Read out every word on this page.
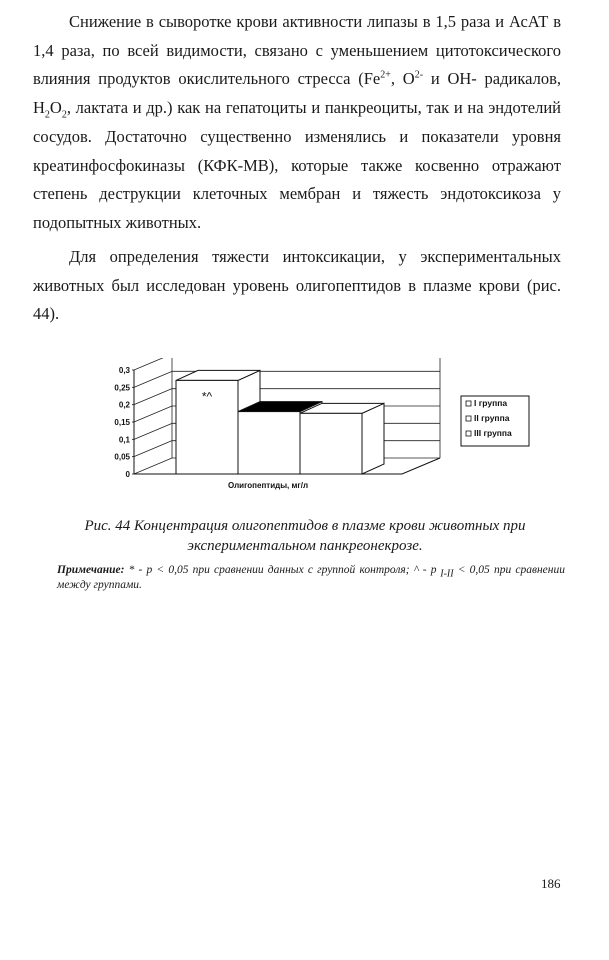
Снижение в сыворотке крови активности липазы в 1,5 раза и АсАТ в 1,4 раза, по всей видимости, связано с уменьшением цитотоксического влияния продуктов окислительного стресса ($Fe^{2+}$, $O^{2-}$ и ОН- радикалов, $H_2O_2$, лактата и др.) как на гепатоциты и панкреоциты, так и на эндотелий сосудов. Достаточно существенно изменялись и показатели уровня креатинфосфокиназы (КФК-МВ), которые также косвенно отражают степень деструкции клеточных мембран и тяжесть эндотоксикоза у подопытных животных.

Для определения тяжести интоксикации, у экспериментальных животных был исследован уровень олигопептидов в плазме крови (рис. 44).

0
0,05
0,1
0,15
0,2
0,25
0,3
Олигопептиды, мг/л
*^	I группа
II группа
III группа

Рис. 44 Концентрация олигопептидов в плазме крови животных при экспериментальном панкреонекрозе.

Примечание: * - р < 0,05 при сравнении данных с группой контроля; ^ - р $_{I-II}$ < 0,05 при сравнении между группами.

186
